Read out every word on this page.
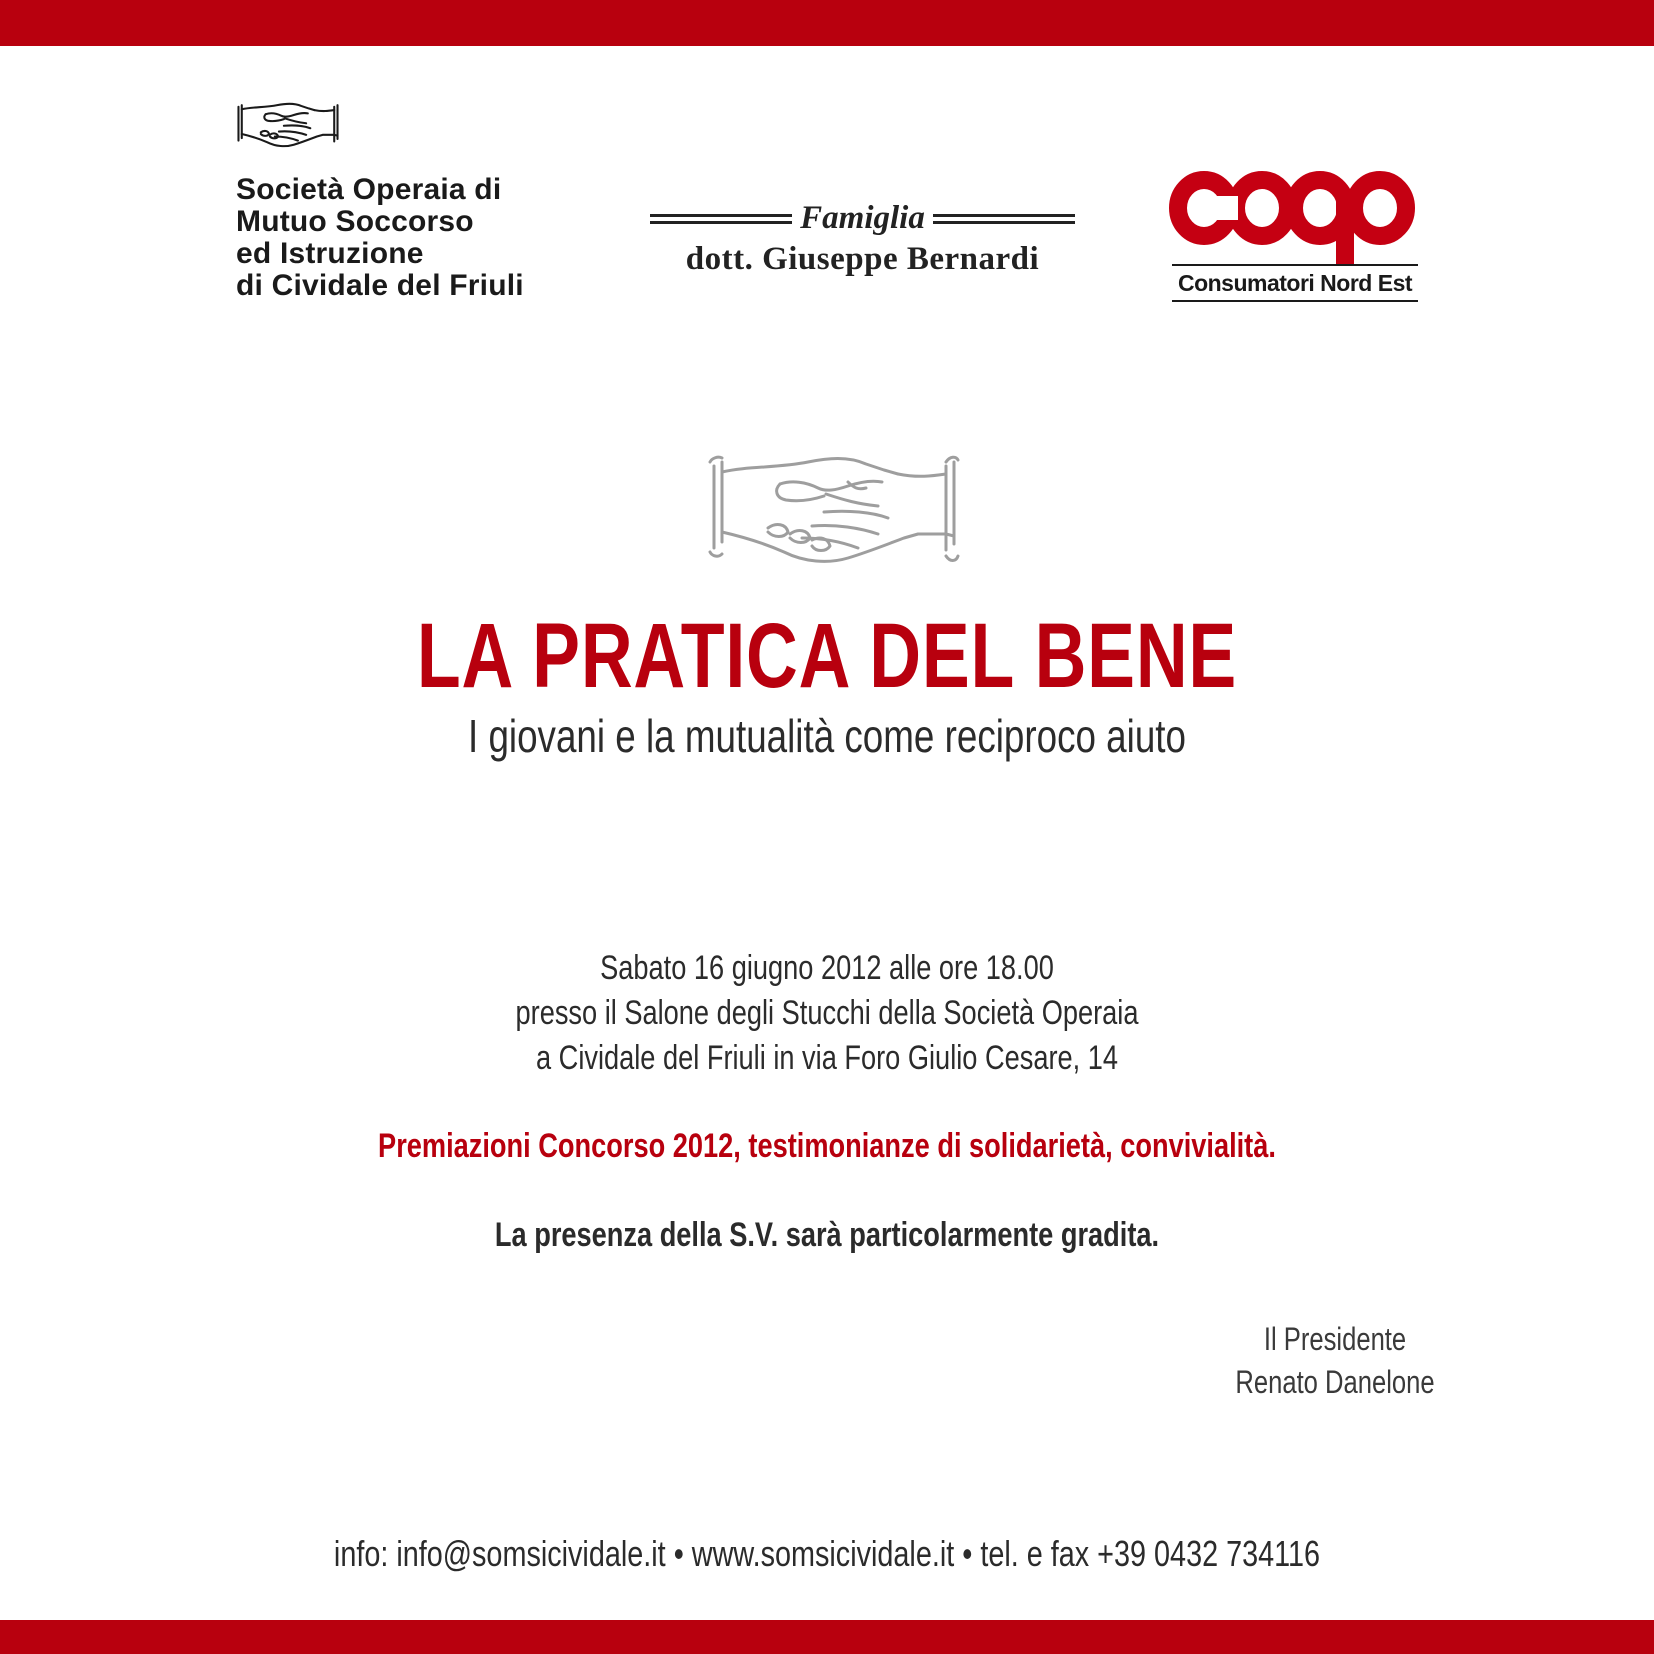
Società Operaia di
Mutuo Soccorso
ed Istruzione
di Cividale del Friuli
Famiglia
dott. Giuseppe Bernardi
Consumatori Nord Est
LA PRATICA DEL BENE
I giovani e la mutualità come reciproco aiuto
Sabato 16 giugno 2012 alle ore 18.00
presso il Salone degli Stucchi della Società Operaia
a Cividale del Friuli in via Foro Giulio Cesare, 14
Premiazioni Concorso 2012, testimonianze di solidarietà, convivialità.
La presenza della S.V. sarà particolarmente gradita.
Il Presidente
Renato Danelone
info: info@somsicividale.it • www.somsicividale.it • tel. e fax +39 0432 734116
